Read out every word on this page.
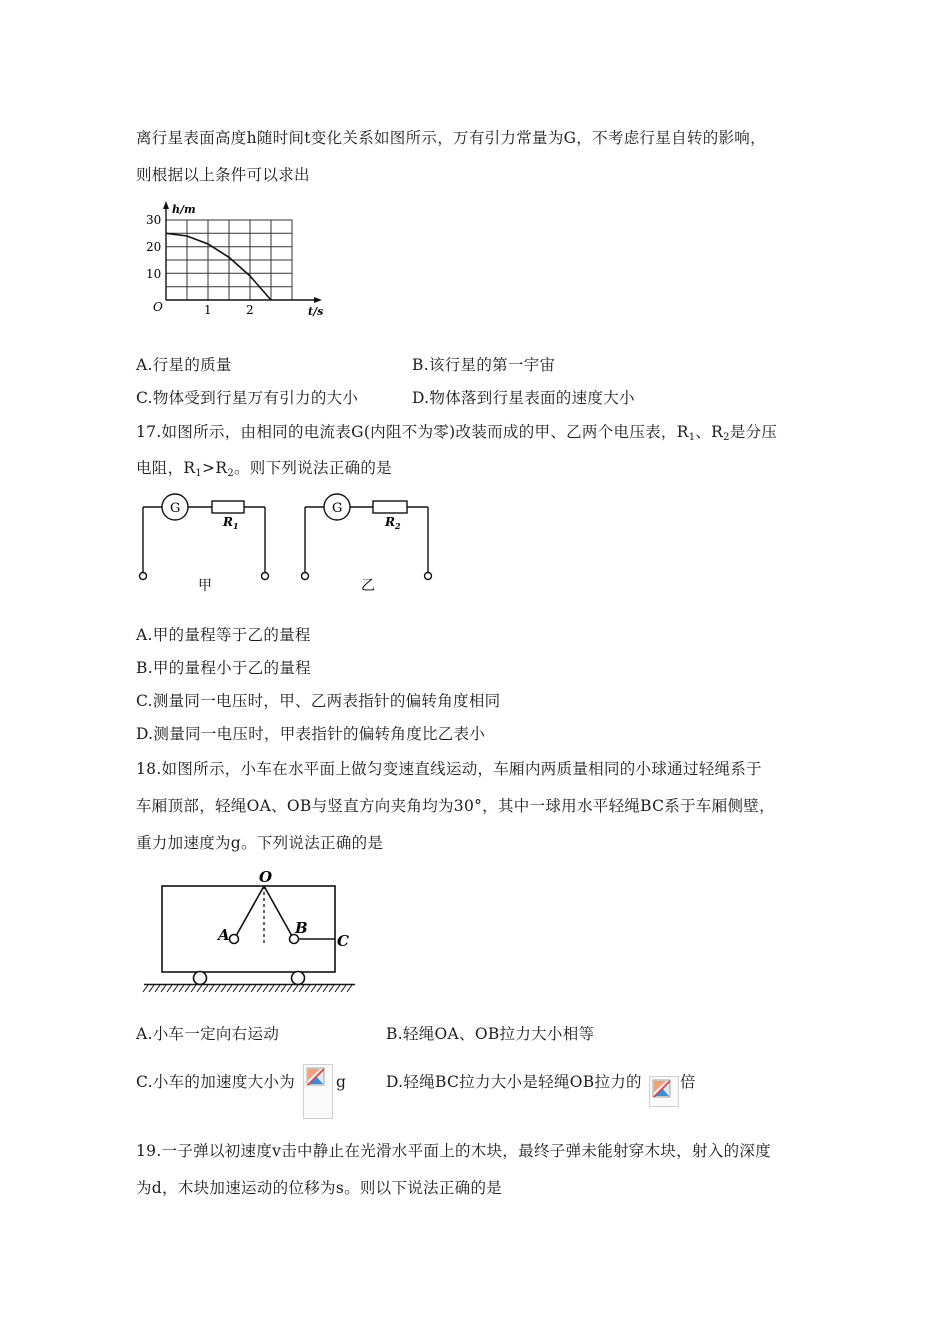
离行星表面高度h随时间t变化关系如图所示，万有引力常量为G，不考虑行星自转的影响，
则根据以上条件可以求出
h/m
t/s
O
30
20
10
1	2
A.行星的质量	B.该行星的第一宇宙
C.物体受到行星万有引力的大小	D.物体落到行星表面的速度大小
17.如图所示，由相同的电流表G(内阻不为零)改装而成的甲、乙两个电压表，$R_1$、$R_2$是分压
电阻，$R_1>R_2$。则下列说法正确的是
G
$R_1$
甲
G
$R_2$
乙
A.甲的量程等于乙的量程
B.甲的量程小于乙的量程
C.测量同一电压时，甲、乙两表指针的偏转角度相同
D.测量同一电压时，甲表指针的偏转角度比乙表小
18.如图所示，小车在水平面上做匀变速直线运动，车厢内两质量相同的小球通过轻绳系于
车厢顶部，轻绳OA、OB与竖直方向夹角均为30°，其中一球用水平轻绳BC系于车厢侧壁，
重力加速度为g。下列说法正确的是
O
A	B
C
A.小车一定向右运动	B.轻绳OA、OB拉力大小相等
C.小车的加速度大小为	g	D.轻绳BC拉力大小是轻绳OB拉力的 倍
19.一子弹以初速度v击中静止在光滑水平面上的木块，最终子弹未能射穿木块，射入的深度
为d，木块加速运动的位移为s。则以下说法正确的是
